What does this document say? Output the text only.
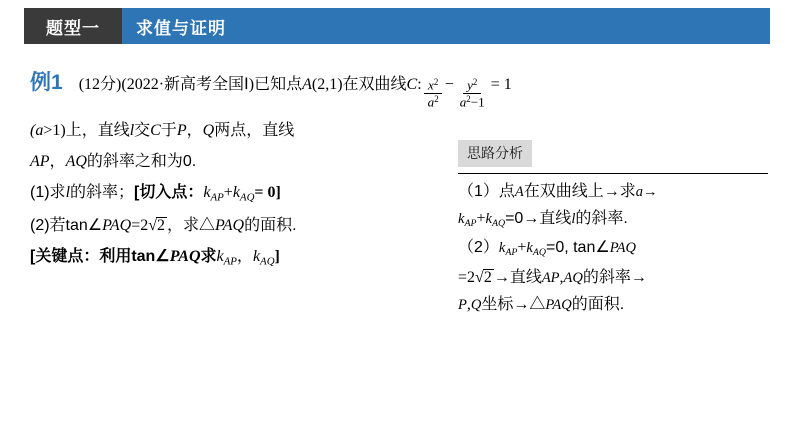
题型一	求值与证明
例1 (12分) (2022·新高考全国Ⅰ) 已知点 A (2,1) 在双曲线 C : $\frac{x^2}{a^2} - \frac{y^2}{a^2-1} = 1$
(a >1) 上，直线 l 交 C 于 P ， Q 两点，直线
AP ， AQ 的斜率之和为0.
(1)求 l 的斜率； [切入点： $k_{AP} + k_{AQ} = 0$]
(2)若tan∠ PAQ =2 √2 ，求△ PAQ 的面积.
[关键点：利用tan∠ PAQ 求 $k_{AP}$ ， $k_{AQ}$ ]
思路分析
（1）点A在双曲线上→求a→
$k_{AP}+k_{AQ}=0\to$直线l的斜率.
$(2)k_{AP}+k_{AQ}=0$, tan∠PAQ
=2√2 →直线AP,AQ的斜率→
P,Q坐标→△PAQ的面积.
